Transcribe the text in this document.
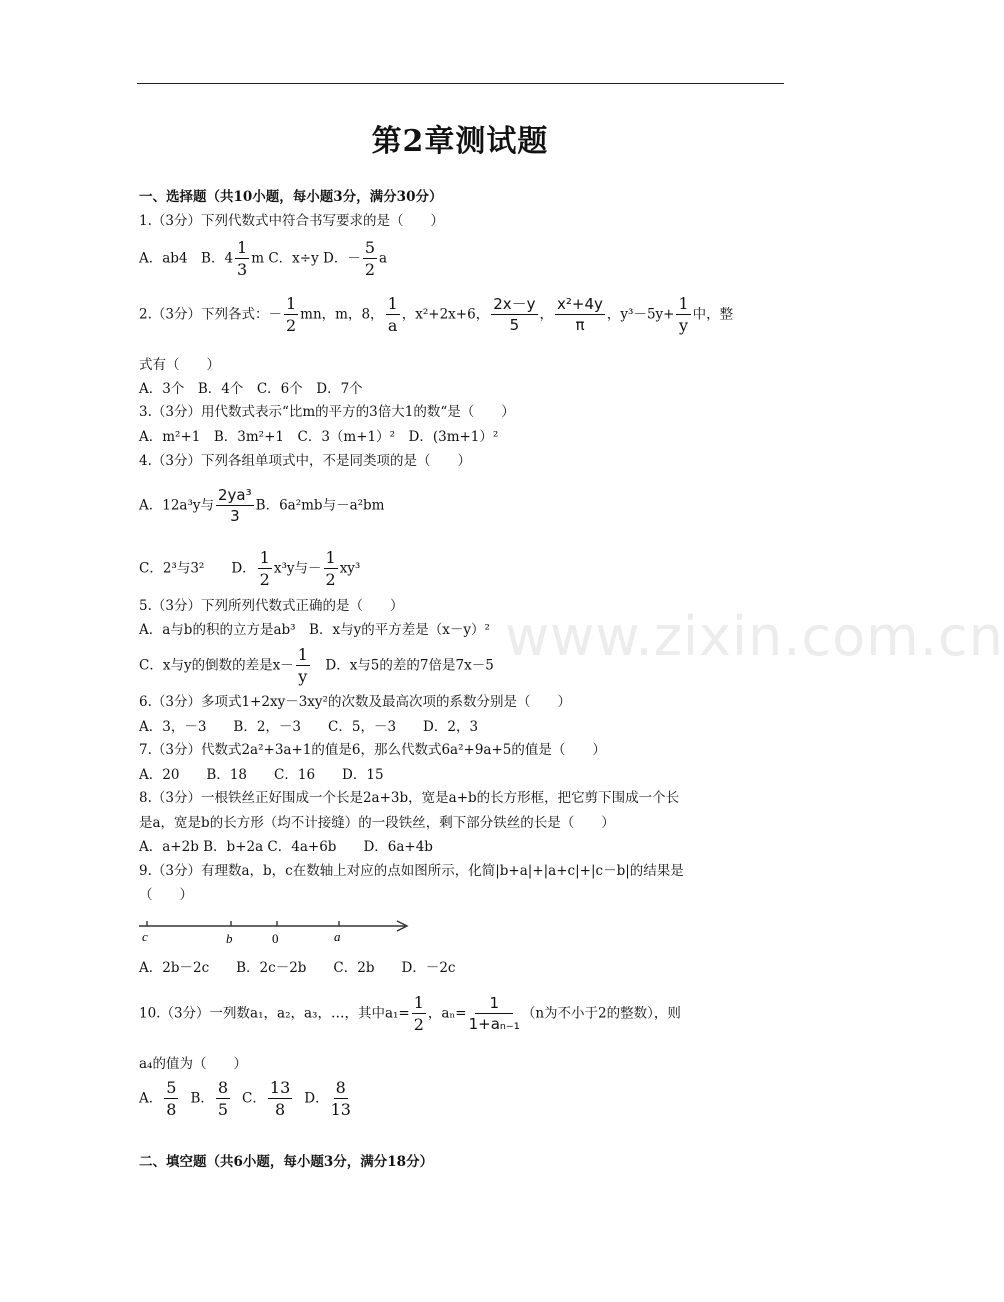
第2章测试题
www.zixin.com.cn
一、选择题（共10小题，每小题3分，满分30分）
1.（3分）下列代数式中符合书写要求的是（　　）
A．ab4　B．$4 \frac{1}{3}$ m C．x÷y D．－ $\frac{5}{2}$ a
2.（3分）下列各式：－ $\frac{1}{2}$ mn，m，8， $\frac{1}{a}$ ，x²+2x+6， $\frac{2x-y}{5}$ ， $\frac{\text{x²+4y}}{\pi}$ ，$y^3-5y+ \frac{1}{y}$ 中，整
式有（　　）
A．3个　B．4个　C．6个　D．7个
3.（3分）用代数式表示“比m的平方的3倍大1的数“是（　　）
A．m²+1　B．3m²+1　C．3（m+1）²　D．(3m+1）²
4.（3分）下列各组单项式中，不是同类项的是（　　）
A．12a³y与 $\frac{\text{2ya³}}{3}$ B．6a²mb与－a²bm
C．2³与3²　　D． $\frac{1}{2} x^3y$与－ $\frac{1}{2} xy^3$
5.（3分）下列所列代数式正确的是（　　）
A．a与b的积的立方是ab³　B．x与y的平方差是（x－y）²
C．x与y的倒数的差是$x- \frac{1}{y}$ 　D．x与5的差的7倍是7x－5
6.（3分）多项式1+2xy－3xy²的次数及最高次项的系数分别是（　　）
A．3，－3　　B．2，－3　　C．5，－3　　D．2，3
7.（3分）代数式2a²+3a+1的值是6，那么代数式6a²+9a+5的值是（　　）
A．20　　B．18　　C．16　　D．15
8.（3分）一根铁丝正好围成一个长是2a+3b，宽是a+b的长方形框，把它剪下围成一个长
是a，宽是b的长方形（均不计接缝）的一段铁丝，剩下部分铁丝的长是（　　）
A．a+2b B．b+2a C．4a+6b　　D．6a+4b
9.（3分）有理数a，b，c在数轴上对应的点如图所示，化简|b+a|+|a+c|+|c－b|的结果是
（　　）
c	b	0	a
A．2b－2c　　B．2c－2b　　C．2b　　D．－2c
10.（3分）一列数a₁，a₂，a₃，…，其中$a_1= \frac{1}{2}$ ，$a_n= \frac{1}{\text{1+aₙ₋₁}} (n$为不小于2的整数），则
a₄的值为（　　）
A． $\frac{5}{8}$ B． $\frac{8}{5}$ C． $\frac{13}{8}$ D． $\frac{8}{13}$
二、填空题（共6小题，每小题3分，满分18分）
